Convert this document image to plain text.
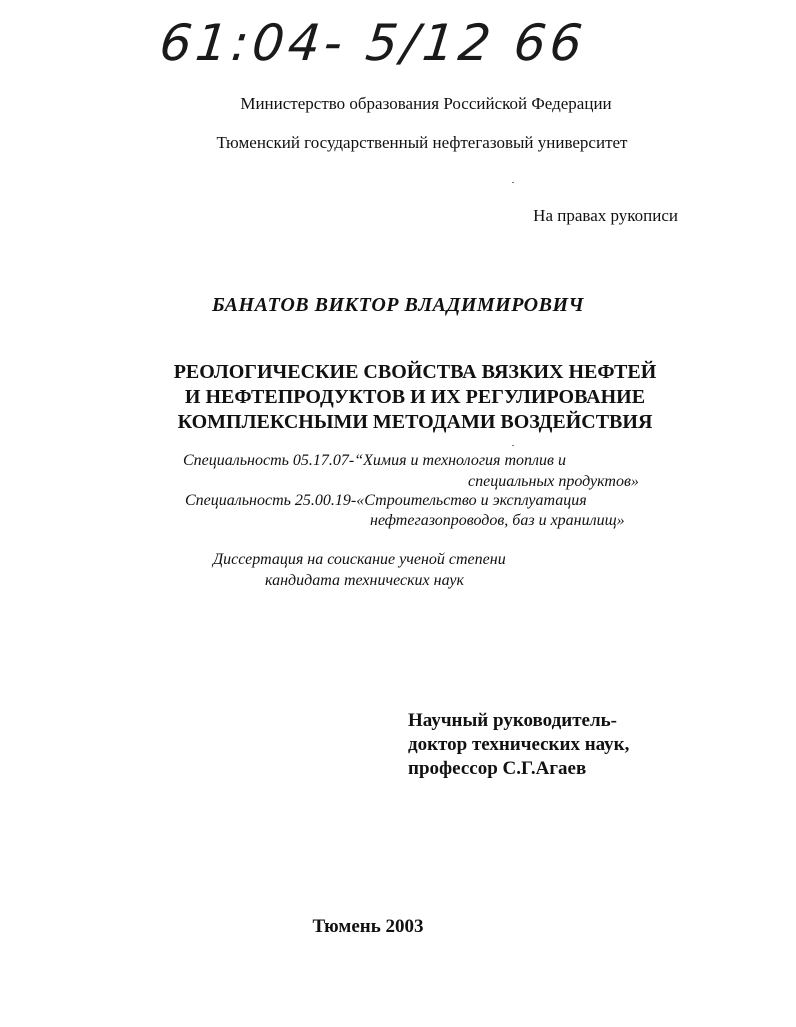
61:04- 5/12 66
Министерство образования Российской Федерации
Тюменский государственный нефтегазовый университет
На правах рукописи
БАНАТОВ ВИКТОР ВЛАДИМИРОВИЧ
РЕОЛОГИЧЕСКИЕ СВОЙСТВА ВЯЗКИХ НЕФТЕЙ
И НЕФТЕПРОДУКТОВ И ИХ РЕГУЛИРОВАНИЕ
КОМПЛЕКСНЫМИ МЕТОДАМИ ВОЗДЕЙСТВИЯ
Специальность 05.17.07-“Химия и технология топлив и
специальных продуктов»
Специальность 25.00.19-«Строительство и эксплуатация
нефтегазопроводов, баз и хранилищ»
Диссертация на соискание ученой степени
кандидата технических наук
Научный руководитель-
доктор технических наук,
профессор С.Г.Агаев
Тюмень 2003
